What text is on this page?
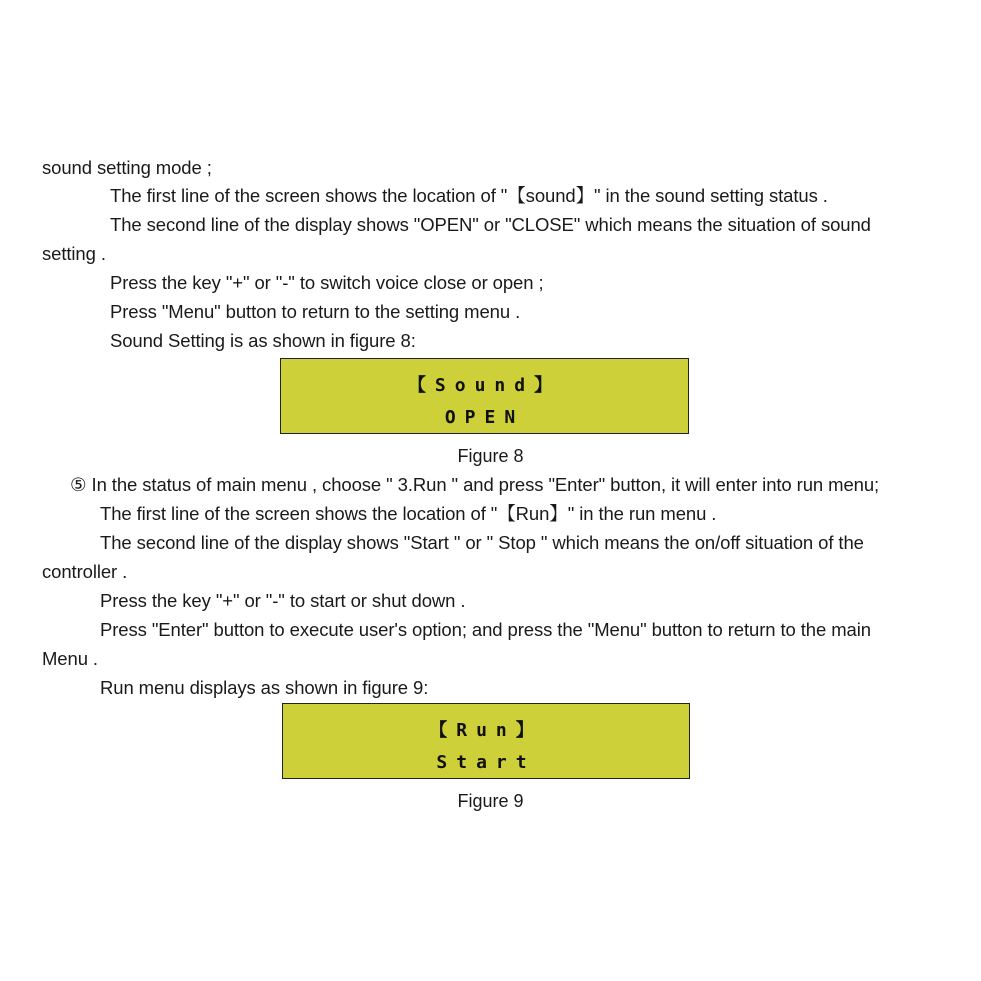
sound setting mode ;
The first line of the screen shows the location of "【sound】" in the sound setting status .
The second line of the display shows "OPEN" or "CLOSE" which means the situation of sound
setting .
Press the key "+" or "-" to switch voice close or open ;
Press "Menu" button to return to the setting menu .
Sound Setting is as shown in figure 8:
【Sound】
OPEN
Figure 8
⑤ In the status of main menu , choose " 3.Run " and press "Enter" button, it will enter into run menu;
The first line of the screen shows the location of "【Run】" in the run menu .
The second line of the display shows "Start " or " Stop " which means the on/off situation of the
controller .
Press the key "+" or "-" to start or shut down .
Press "Enter" button to execute user's option; and press the "Menu" button to return to the main
Menu .
Run menu displays as shown in figure 9:
【Run】
Start
Figure 9
